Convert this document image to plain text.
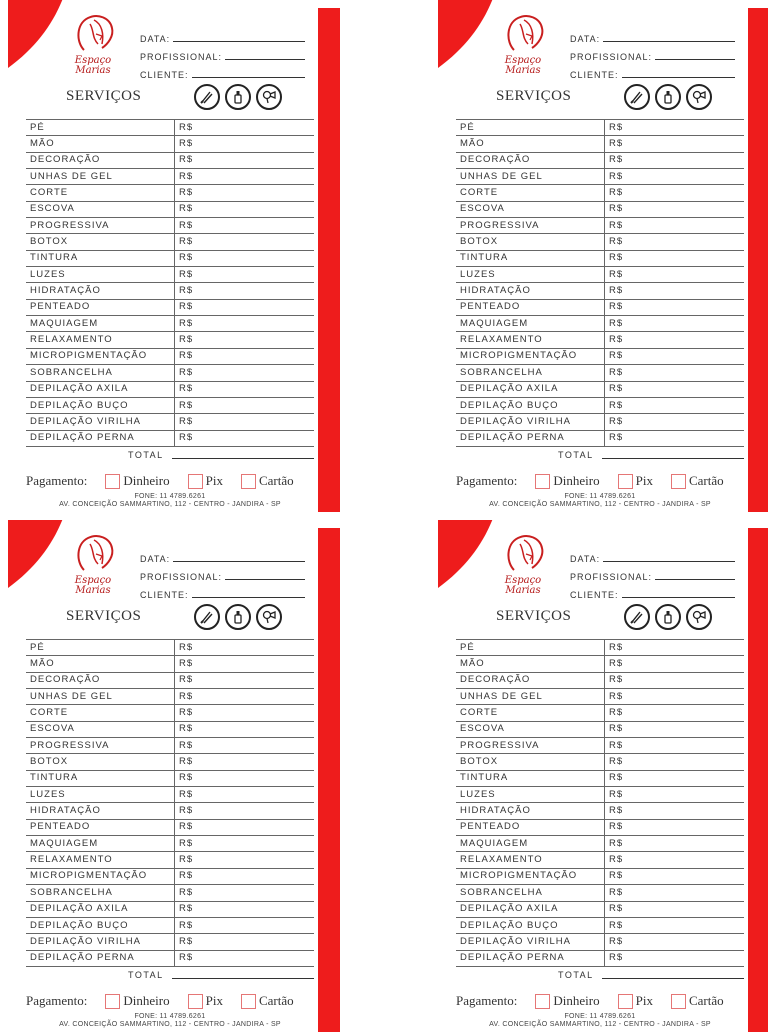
Espaço
Marias
DATA:
PROFISSIONAL:
CLIENTE:
SERVIÇOS
PÉ	R$
MÃO	R$
DECORAÇÃO	R$
UNHAS DE GEL	R$
CORTE	R$
ESCOVA	R$
PROGRESSIVA	R$
BOTOX	R$
TINTURA	R$
LUZES	R$
HIDRATAÇÃO	R$
PENTEADO	R$
MAQUIAGEM	R$
RELAXAMENTO	R$
MICROPIGMENTAÇÃO	R$
SOBRANCELHA	R$
DEPILAÇÃO AXILA	R$
DEPILAÇÃO BUÇO	R$
DEPILAÇÃO VIRILHA	R$
DEPILAÇÃO PERNA	R$
TOTAL
Pagamento:	Dinheiro	Pix	Cartão
FONE: 11 4789.6261
AV. CONCEIÇÃO SAMMARTINO, 112 - CENTRO - JANDIRA - SP
Espaço
Marias
DATA:
PROFISSIONAL:
CLIENTE:
SERVIÇOS
PÉ	R$
MÃO	R$
DECORAÇÃO	R$
UNHAS DE GEL	R$
CORTE	R$
ESCOVA	R$
PROGRESSIVA	R$
BOTOX	R$
TINTURA	R$
LUZES	R$
HIDRATAÇÃO	R$
PENTEADO	R$
MAQUIAGEM	R$
RELAXAMENTO	R$
MICROPIGMENTAÇÃO	R$
SOBRANCELHA	R$
DEPILAÇÃO AXILA	R$
DEPILAÇÃO BUÇO	R$
DEPILAÇÃO VIRILHA	R$
DEPILAÇÃO PERNA	R$
TOTAL
Pagamento:	Dinheiro	Pix	Cartão
FONE: 11 4789.6261
AV. CONCEIÇÃO SAMMARTINO, 112 - CENTRO - JANDIRA - SP
Espaço
Marias
DATA:
PROFISSIONAL:
CLIENTE:
SERVIÇOS
PÉ	R$
MÃO	R$
DECORAÇÃO	R$
UNHAS DE GEL	R$
CORTE	R$
ESCOVA	R$
PROGRESSIVA	R$
BOTOX	R$
TINTURA	R$
LUZES	R$
HIDRATAÇÃO	R$
PENTEADO	R$
MAQUIAGEM	R$
RELAXAMENTO	R$
MICROPIGMENTAÇÃO	R$
SOBRANCELHA	R$
DEPILAÇÃO AXILA	R$
DEPILAÇÃO BUÇO	R$
DEPILAÇÃO VIRILHA	R$
DEPILAÇÃO PERNA	R$
TOTAL
Pagamento:	Dinheiro	Pix	Cartão
FONE: 11 4789.6261
AV. CONCEIÇÃO SAMMARTINO, 112 - CENTRO - JANDIRA - SP
Espaço
Marias
DATA:
PROFISSIONAL:
CLIENTE:
SERVIÇOS
PÉ	R$
MÃO	R$
DECORAÇÃO	R$
UNHAS DE GEL	R$
CORTE	R$
ESCOVA	R$
PROGRESSIVA	R$
BOTOX	R$
TINTURA	R$
LUZES	R$
HIDRATAÇÃO	R$
PENTEADO	R$
MAQUIAGEM	R$
RELAXAMENTO	R$
MICROPIGMENTAÇÃO	R$
SOBRANCELHA	R$
DEPILAÇÃO AXILA	R$
DEPILAÇÃO BUÇO	R$
DEPILAÇÃO VIRILHA	R$
DEPILAÇÃO PERNA	R$
TOTAL
Pagamento:	Dinheiro	Pix	Cartão
FONE: 11 4789.6261
AV. CONCEIÇÃO SAMMARTINO, 112 - CENTRO - JANDIRA - SP
